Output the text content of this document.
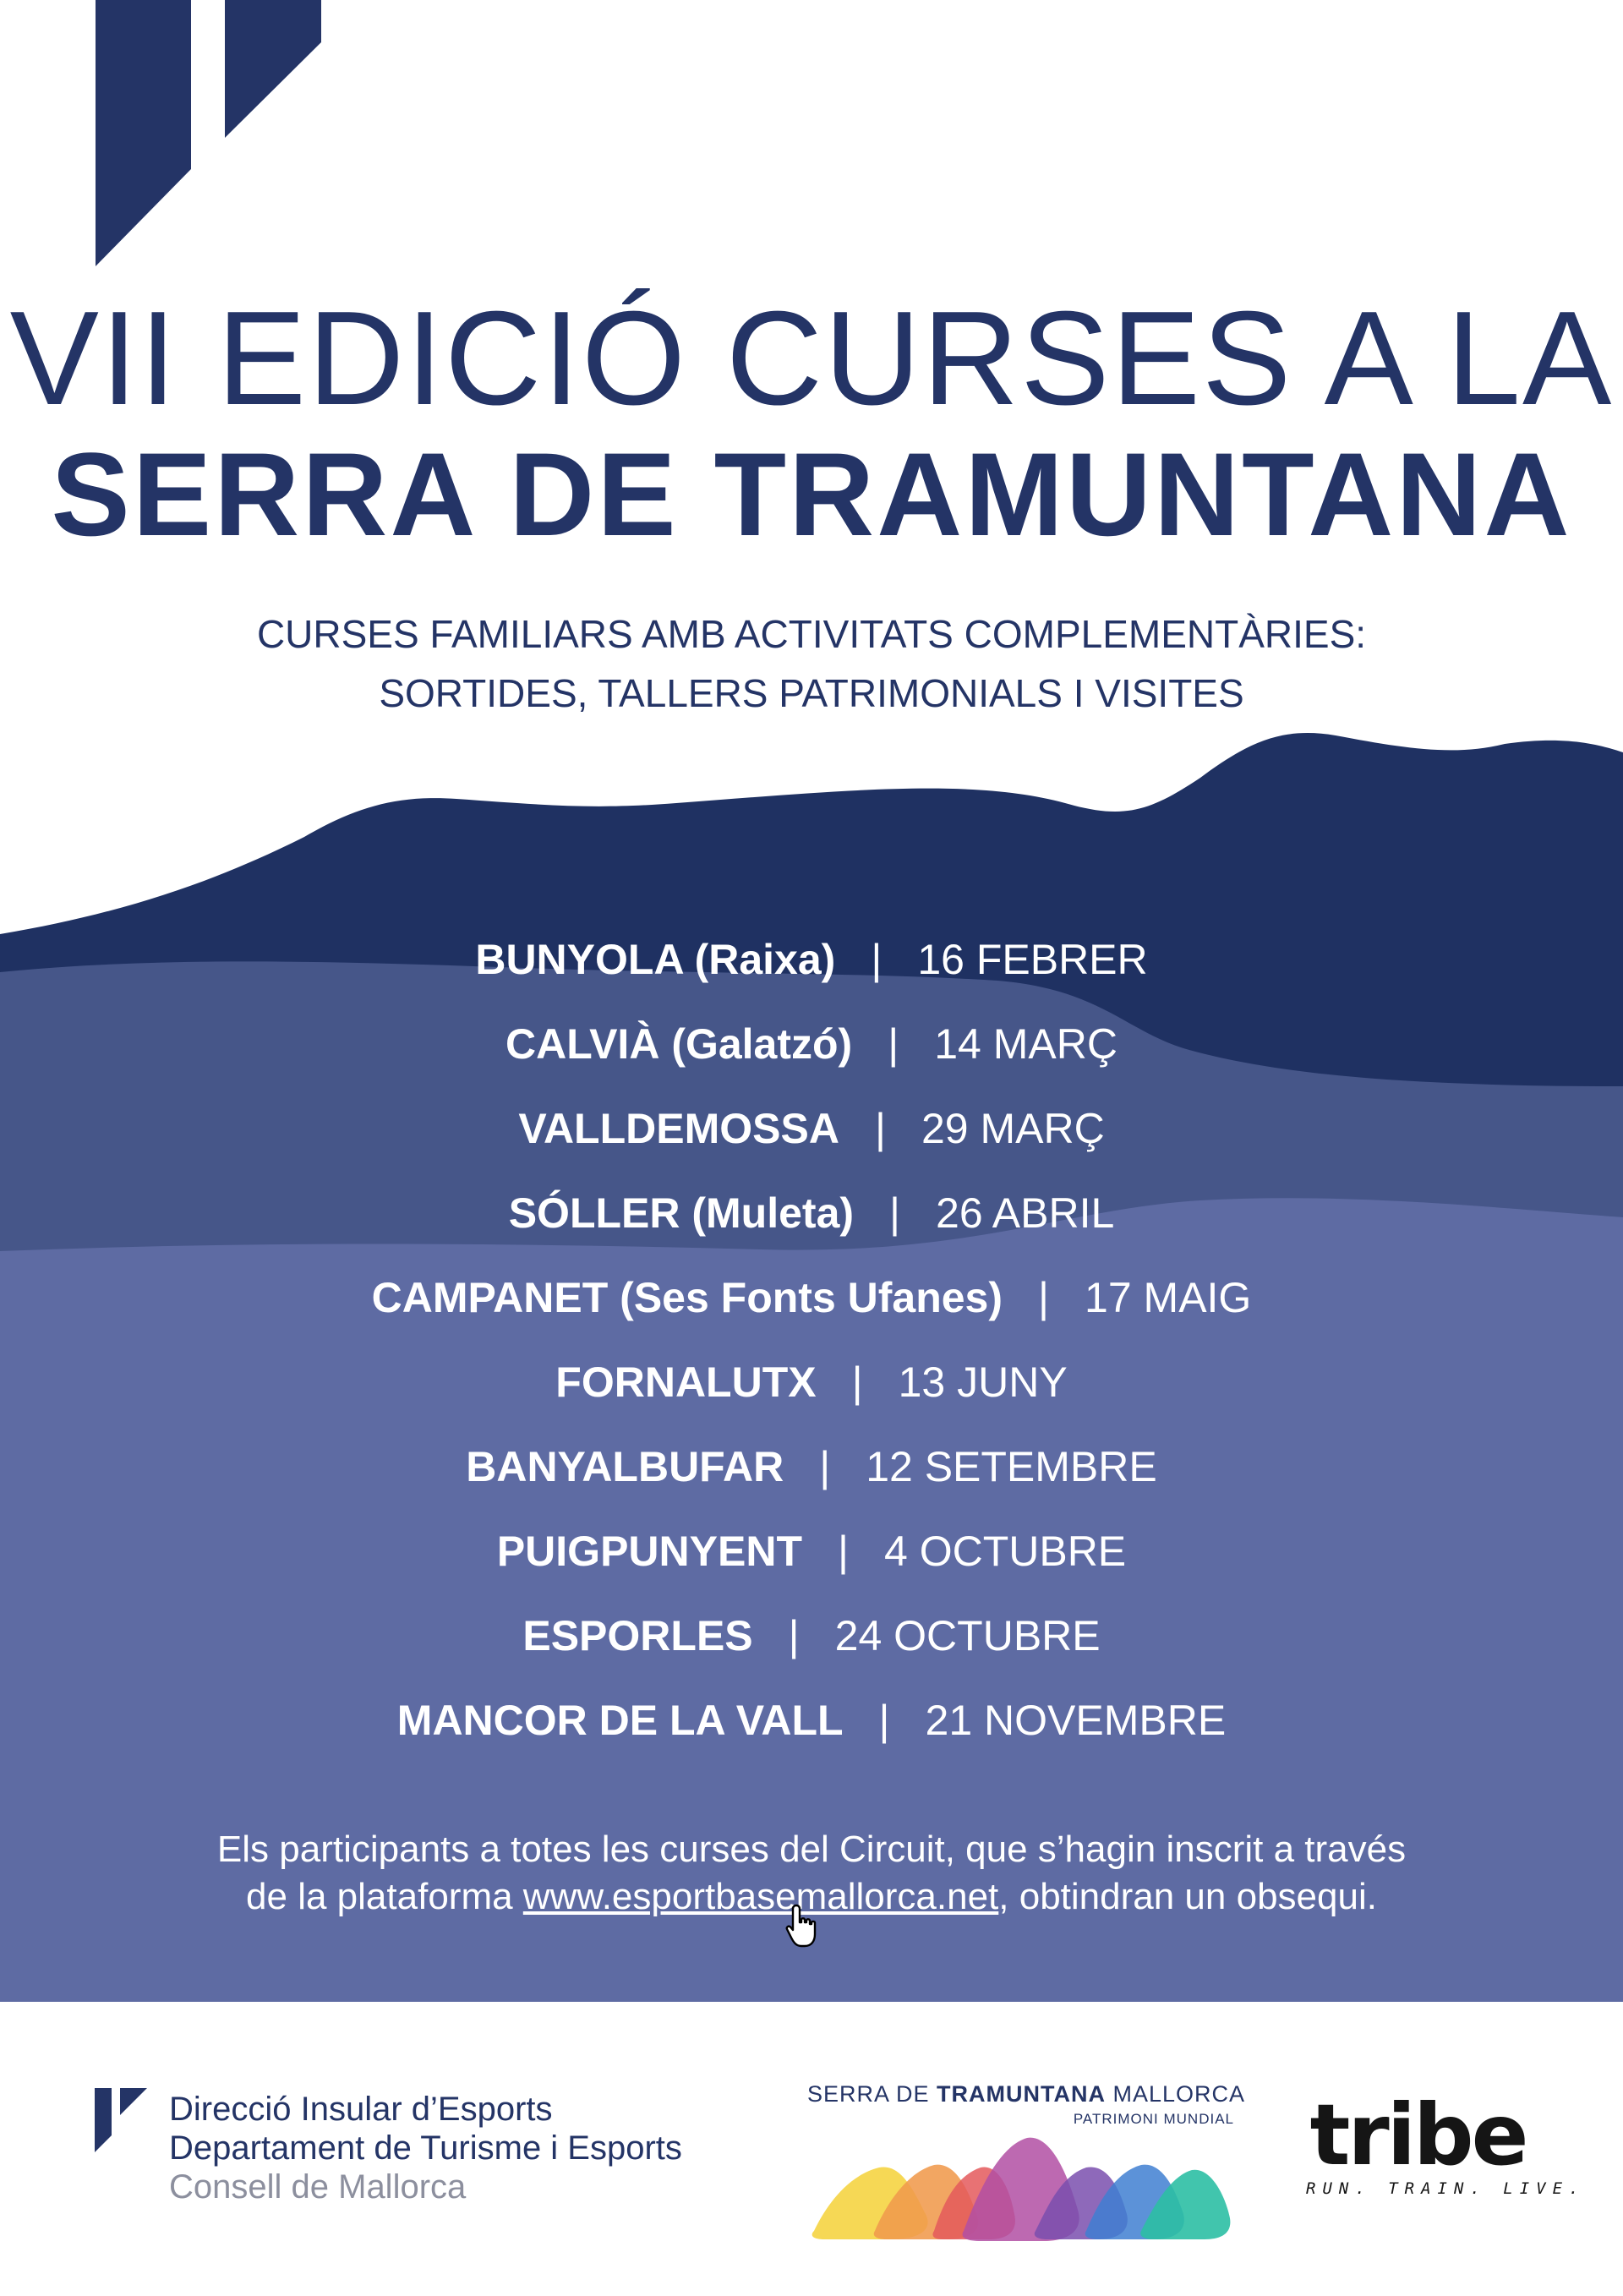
VII EDICIÓ CURSES A LA
SERRA DE TRAMUNTANA
CURSES FAMILIARS AMB ACTIVITATS COMPLEMENTÀRIES:
SORTIDES, TALLERS PATRIMONIALS I VISITES
BUNYOLA (Raixa) | 16 FEBRER
CALVIÀ (Galatzó) | 14 MARÇ
VALLDEMOSSA | 29 MARÇ
SÓLLER (Muleta) | 26 ABRIL
CAMPANET (Ses Fonts Ufanes) | 17 MAIG
FORNALUTX | 13 JUNY
BANYALBUFAR | 12 SETEMBRE
PUIGPUNYENT | 4 OCTUBRE
ESPORLES | 24 OCTUBRE
MANCOR DE LA VALL | 21 NOVEMBRE
Els participants a totes les curses del Circuit, que s’hagin inscrit a través
de la plataforma www.esportbasemallorca.net, obtindran un obsequi.
Direcció Insular d’Esports
Departament de Turisme i Esports
Consell de Mallorca
SERRA DE TRAMUNTANA MALLORCA
PATRIMONI MUNDIAL tribe
RUN. TRAIN. LIVE.
